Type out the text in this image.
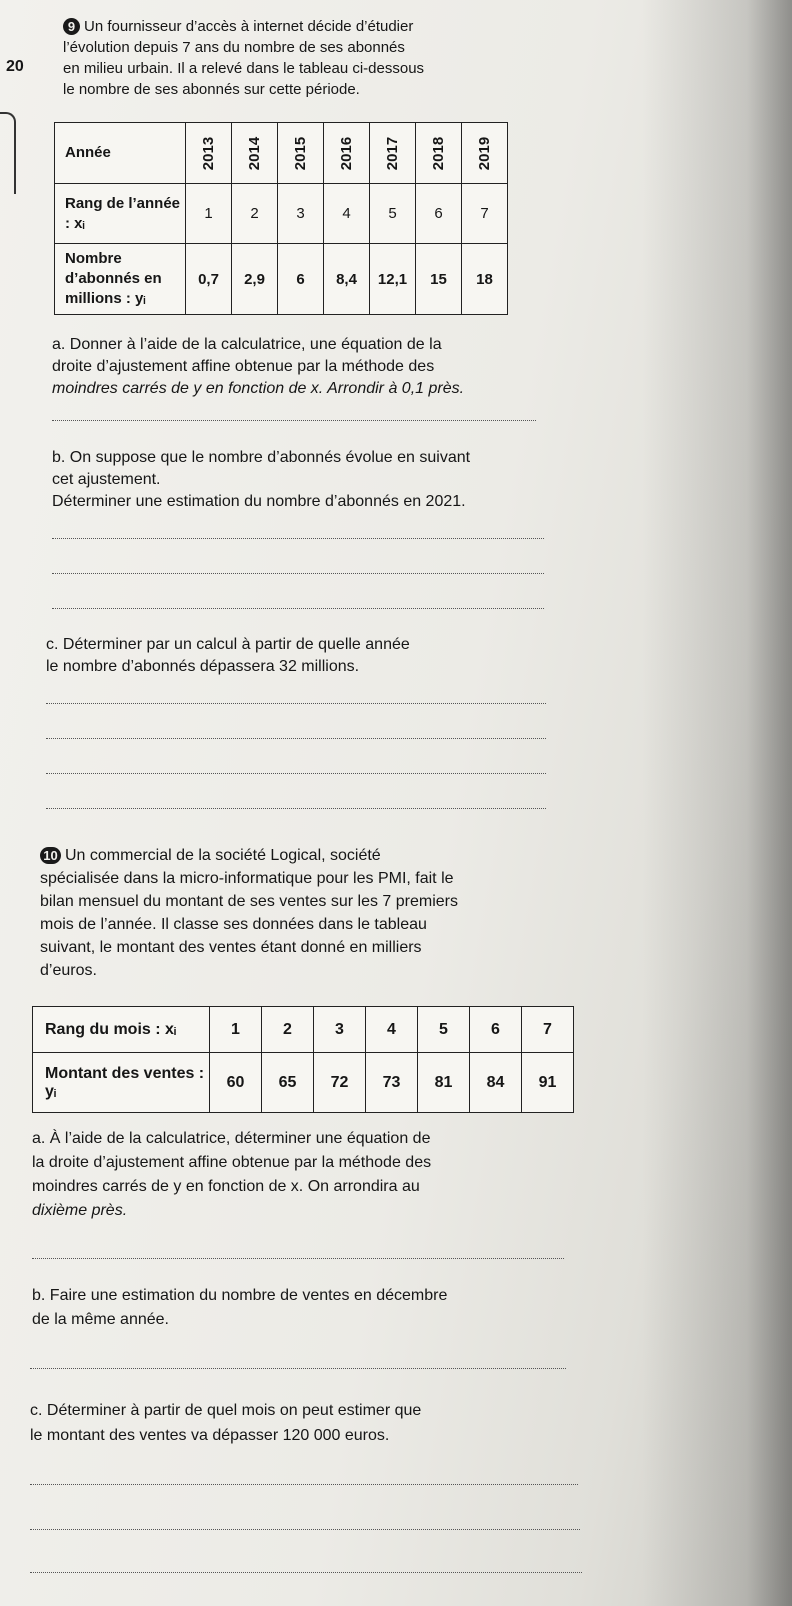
20
9 Un fournisseur d’accès à internet décide d’étudier
l’évolution depuis 7 ans du nombre de ses abonnés
en milieu urbain. Il a relevé dans le tableau ci-dessous
le nombre de ses abonnés sur cette période.
Année	2013	2014	2015	2016	2017	2018	2019
Rang de l’année : xᵢ	1	2	3	4	5	6	7
Nombre d’abonnés en millions : yᵢ	0,7	2,9	6	8,4	12,1	15	18
a. Donner à l’aide de la calculatrice, une équation de la
droite d’ajustement affine obtenue par la méthode des
moindres carrés de y en fonction de x. Arrondir à 0,1 près.
b. On suppose que le nombre d’abonnés évolue en suivant
cet ajustement.
Déterminer une estimation du nombre d’abonnés en 2021.
c. Déterminer par un calcul à partir de quelle année
le nombre d’abonnés dépassera 32 millions.
10 Un commercial de la société Logical, société
spécialisée dans la micro-informatique pour les PMI, fait le
bilan mensuel du montant de ses ventes sur les 7 premiers
mois de l’année. Il classe ses données dans le tableau
suivant, le montant des ventes étant donné en milliers
d’euros.
Rang du mois : xᵢ	1	2	3	4	5	6	7
Montant des ventes : yᵢ	60	65	72	73	81	84	91
a. À l’aide de la calculatrice, déterminer une équation de
la droite d’ajustement affine obtenue par la méthode des
moindres carrés de y en fonction de x. On arrondira au
dixième près.
b. Faire une estimation du nombre de ventes en décembre
de la même année.
c. Déterminer à partir de quel mois on peut estimer que
le montant des ventes va dépasser 120 000 euros.
